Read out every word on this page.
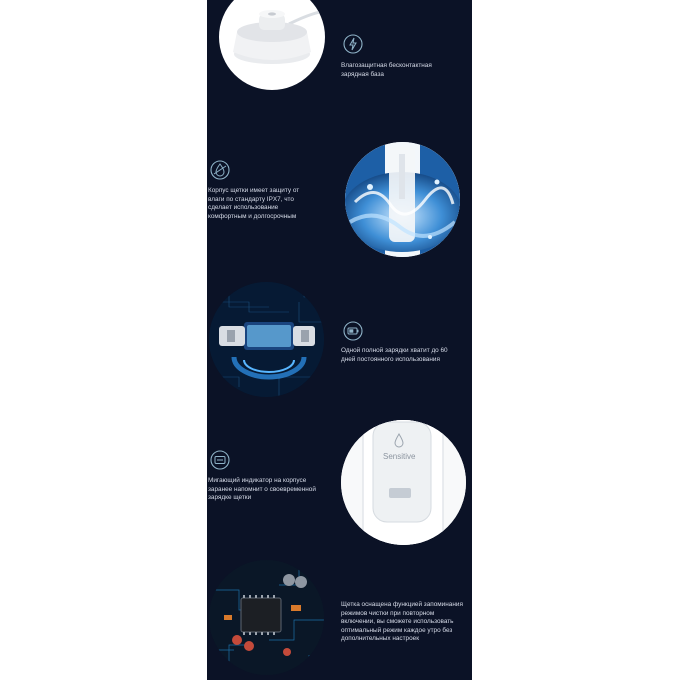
Влагозащитная бесконтактная
зарядная база

Корпус щетки имеет защиту от
влаги по стандарту IPX7, что
сделает использование
комфортным и долгосрочным

Одной полной зарядки хватит до 60
дней постоянного использования

Мигающий индикатор на корпусе
заранее напомнит о своевременной
зарядке щетки

Sensitive

Щетка оснащена функцией запоминания
режимов чистки при повторном
включении, вы сможете использовать
оптимальный режим каждое утро без
дополнительных настроек
